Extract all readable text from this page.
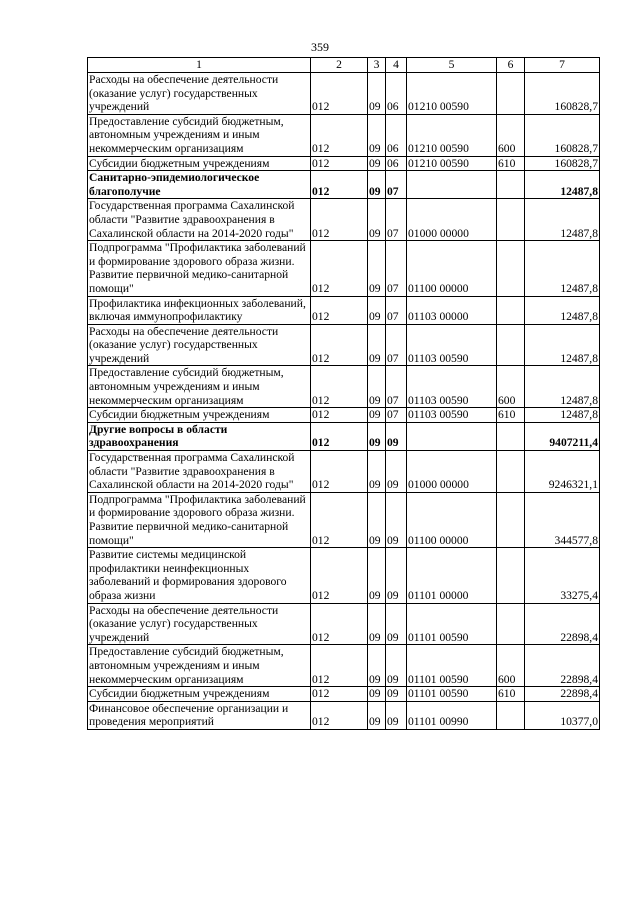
359
1	2	3	4	5	6	7
Расходы на обеспечение деятельности (оказание услуг) государственных учреждений	012	09	06	01210 00590		160828,7
Предоставление субсидий бюджетным, автономным учреждениям и иным некоммерческим организациям	012	09	06	01210 00590	600	160828,7
Субсидии бюджетным учреждениям	012	09	06	01210 00590	610	160828,7
Санитарно-эпидемиологическое благополучие	012	09	07			12487,8
Государственная программа Сахалинской области "Развитие здравоохранения в Сахалинской области на 2014-2020 годы"	012	09	07	01000 00000		12487,8
Подпрограмма "Профилактика заболеваний и формирование здорового образа жизни. Развитие первичной медико-санитарной помощи"	012	09	07	01100 00000		12487,8
Профилактика инфекционных заболеваний, включая иммунопрофилактику	012	09	07	01103 00000		12487,8
Расходы на обеспечение деятельности (оказание услуг) государственных учреждений	012	09	07	01103 00590		12487,8
Предоставление субсидий бюджетным, автономным учреждениям и иным некоммерческим организациям	012	09	07	01103 00590	600	12487,8
Субсидии бюджетным учреждениям	012	09	07	01103 00590	610	12487,8
Другие вопросы в области здравоохранения	012	09	09			9407211,4
Государственная программа Сахалинской области "Развитие здравоохранения в Сахалинской области на 2014-2020 годы"	012	09	09	01000 00000		9246321,1
Подпрограмма "Профилактика заболеваний и формирование здорового образа жизни. Развитие первичной медико-санитарной помощи"	012	09	09	01100 00000		344577,8
Развитие системы медицинской профилактики неинфекционных заболеваний и формирования здорового образа жизни	012	09	09	01101 00000		33275,4
Расходы на обеспечение деятельности (оказание услуг) государственных учреждений	012	09	09	01101 00590		22898,4
Предоставление субсидий бюджетным, автономным учреждениям и иным некоммерческим организациям	012	09	09	01101 00590	600	22898,4
Субсидии бюджетным учреждениям	012	09	09	01101 00590	610	22898,4
Финансовое обеспечение организации и проведения мероприятий	012	09	09	01101 00990		10377,0
